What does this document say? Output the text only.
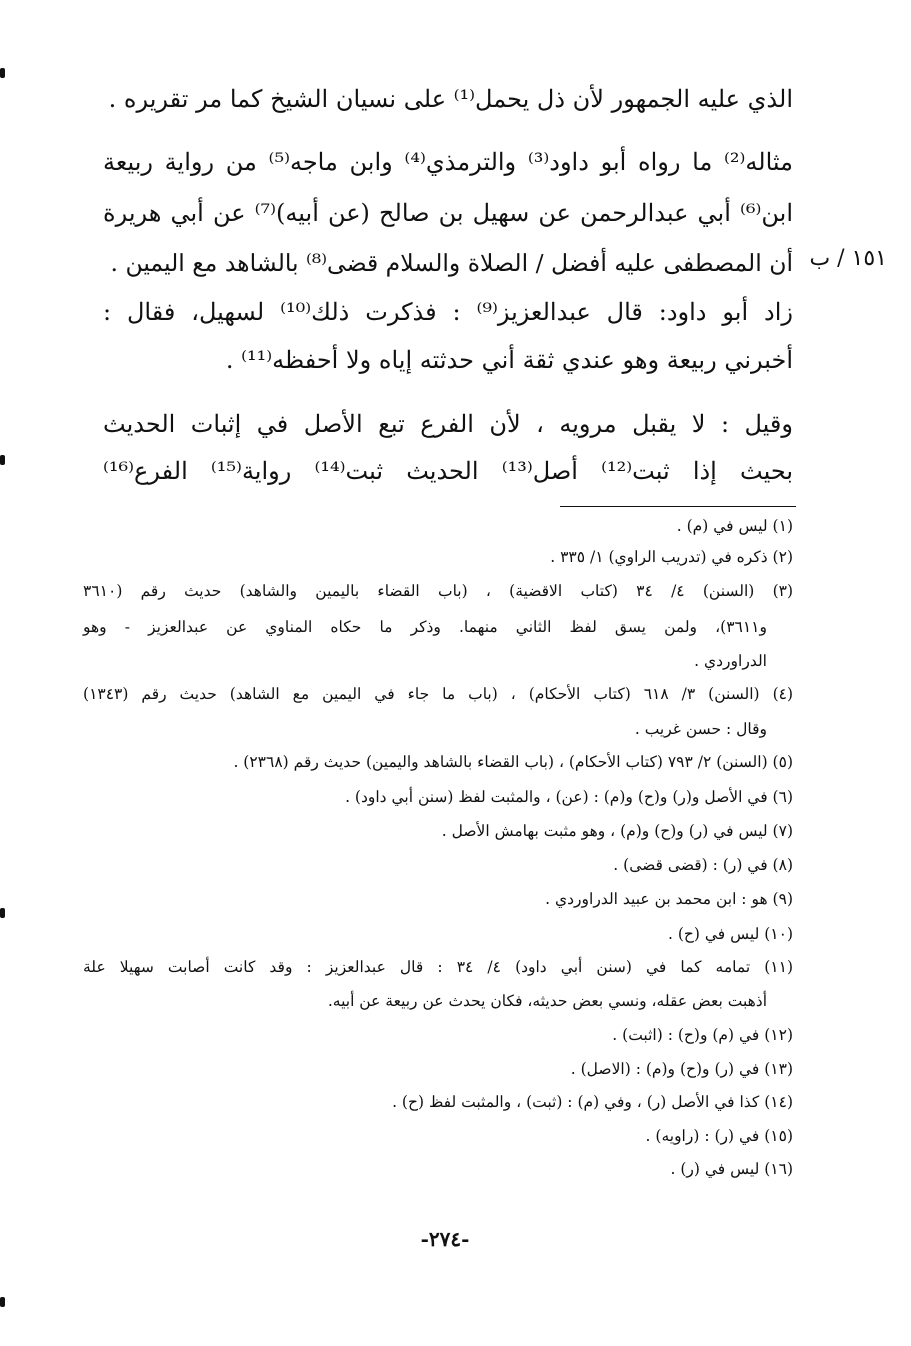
الذي عليه الجمهور لأن ذل يحمل⁽¹⁾ على نسيان الشيخ كما مر تقريره .
مثاله⁽²⁾ ما رواه أبو داود⁽³⁾ والترمذي⁽⁴⁾ وابن ماجه⁽⁵⁾ من رواية ربيعة
ابن⁽⁶⁾ أبي عبدالرحمن عن سهيل بن صالح (عن أبيه)⁽⁷⁾ عن أبي هريرة
أن المصطفى عليه أفضل / الصلاة والسلام قضى⁽⁸⁾ بالشاهد مع اليمين .
زاد أبو داود: قال عبدالعزيز⁽⁹⁾ : فذكرت ذلك⁽¹⁰⁾ لسهيل، فقال :
أخبرني ربيعة وهو عندي ثقة أني حدثته إياه ولا أحفظه⁽¹¹⁾ .
وقيل : لا يقبل مرويه ، لأن الفرع تبع الأصل في إثبات الحديث
بحيث إذا ثبت⁽¹²⁾ أصل⁽¹³⁾ الحديث ثبت⁽¹⁴⁾ رواية⁽¹⁵⁾ الفرع⁽¹⁶⁾
١٥١ / ب
(١) ليس في (م) .
(٢) ذكره في (تدريب الراوي) ١/ ٣٣٥ .
(٣) (السنن) ٤/ ٣٤ (كتاب الاقضية) ، (باب القضاء باليمين والشاهد) حديث رقم (٣٦١٠
و٣٦١١)، ولمن يسق لفظ الثاني منهما. وذكر ما حكاه المناوي عن عبدالعزيز - وهو
الدراوردي .
(٤) (السنن) ٣/ ٦١٨ (كتاب الأحكام) ، (باب ما جاء في اليمين مع الشاهد) حديث رقم (١٣٤٣)
وقال : حسن غريب .
(٥) (السنن) ٢/ ٧٩٣ (كتاب الأحكام) ، (باب القضاء بالشاهد واليمين) حديث رقم (٢٣٦٨) .
(٦) في الأصل و(ر) و(ح) و(م) : (عن) ، والمثبت لفظ (سنن أبي داود) .
(٧) ليس في (ر) و(ح) و(م) ، وهو مثبت بهامش الأصل .
(٨) في (ر) : (قضى قضى) .
(٩) هو : ابن محمد بن عبيد الدراوردي .
(١٠) ليس في (ح) .
(١١) تمامه كما في (سنن أبي داود) ٤/ ٣٤ : قال عبدالعزيز : وقد كانت أصابت سهيلا علة
أذهبت بعض عقله، ونسي بعض حديثه، فكان يحدث عن ربيعة عن أبيه.
(١٢) في (م) و(ح) : (اثبت) .
(١٣) في (ر) و(ح) و(م) : (الاصل) .
(١٤) كذا في الأصل (ر) ، وفي (م) : (ثبت) ، والمثبت لفظ (ح) .
(١٥) في (ر) : (راويه) .
(١٦) ليس في (ر) .
-٢٧٤-
